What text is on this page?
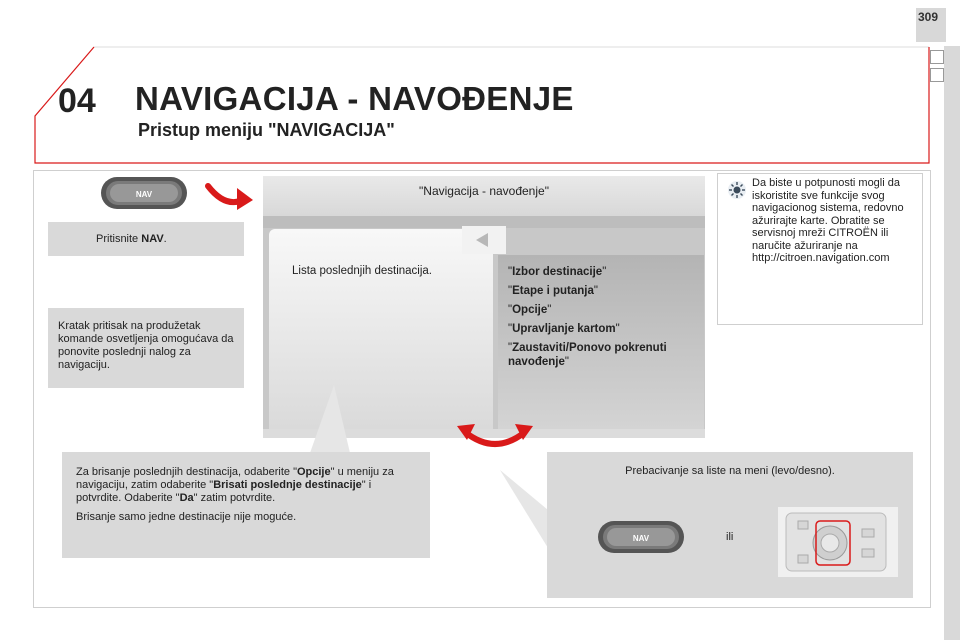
309
04 NAVIGACIJA - NAVOĐENJE
Pristup meniju "NAVIGACIJA"
NAV
Pritisnite NAV.
Kratak pritisak na produžetak komande osvetljenja omogućava da ponovite poslednji nalog za navigaciju.
"Navigacija - navođenje"
Lista poslednjih destinacija.	"Izbor destinacije"
"Etape i putanja"
"Opcije"
"Upravljanje kartom"
"Zaustaviti/Ponovo pokrenuti navođenje"
Da biste u potpunosti mogli da iskoristite sve funkcije svog navigacionog sistema, redovno ažurirajte karte. Obratite se servisnoj mreži CITROËN ili naručite ažuriranje na http://citroen.navigation.com
Za brisanje poslednjih destinacija, odaberite "Opcije" u meniju za navigaciju, zatim odaberite "Brisati poslednje destinacije" i potvrdite. Odaberite "Da" zatim potvrdite.
Brisanje samo jedne destinacije nije moguće.
Prebacivanje sa liste na meni (levo/desno).
NAV	ili
